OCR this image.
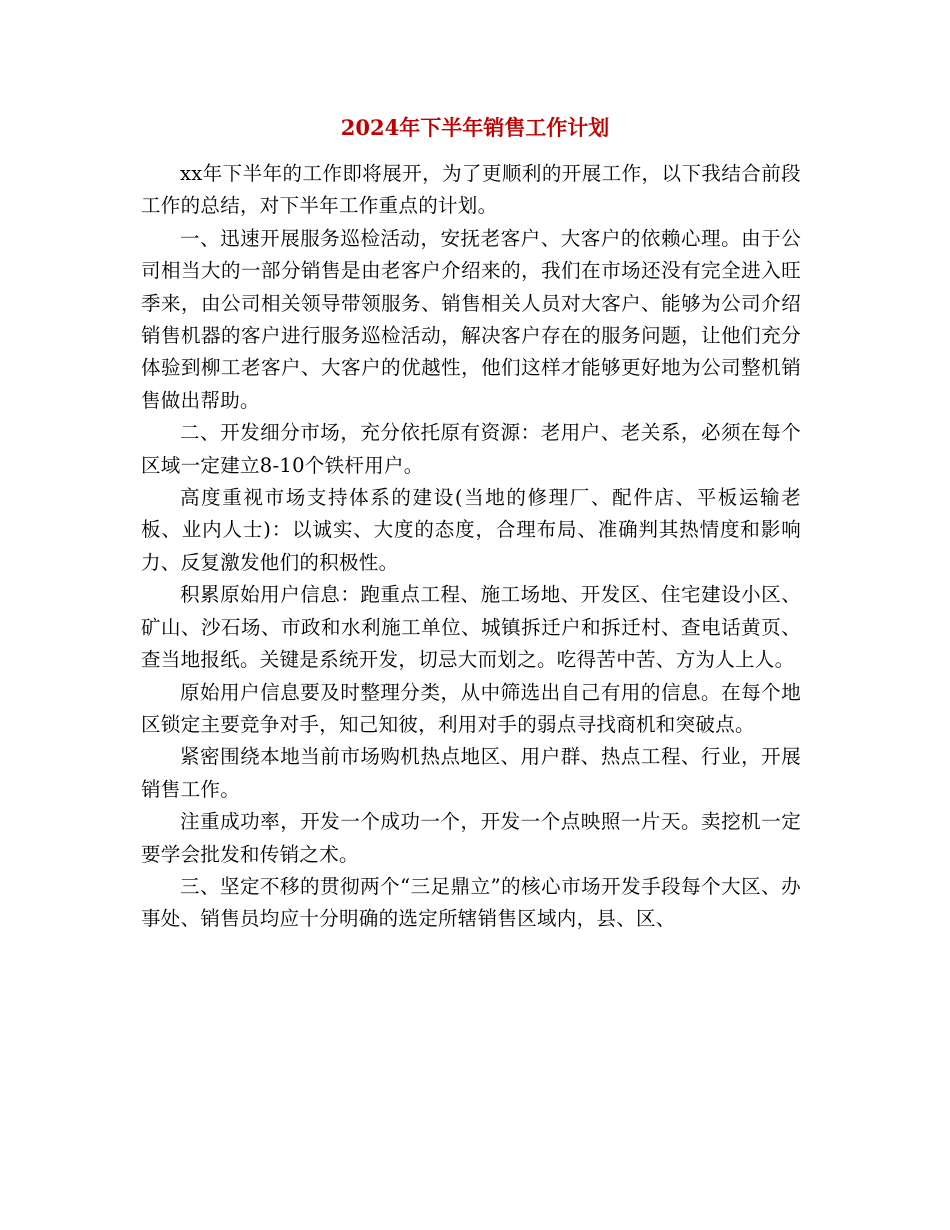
2024年下半年销售工作计划

xx年下半年的工作即将展开，为了更顺利的开展工作，以下我结合前段工作的总结，对下半年工作重点的计划。

一、迅速开展服务巡检活动，安抚老客户、大客户的依赖心理。由于公司相当大的一部分销售是由老客户介绍来的，我们在市场还没有完全进入旺季来，由公司相关领导带领服务、销售相关人员对大客户、能够为公司介绍销售机器的客户进行服务巡检活动，解决客户存在的服务问题，让他们充分体验到柳工老客户、大客户的优越性，他们这样才能够更好地为公司整机销售做出帮助。

二、开发细分市场，充分依托原有资源：老用户、老关系，必须在每个区域一定建立8-10个铁杆用户。

高度重视市场支持体系的建设(当地的修理厂、配件店、平板运输老板、业内人士)：以诚实、大度的态度，合理布局、准确判其热情度和影响力、反复激发他们的积极性。

积累原始用户信息：跑重点工程、施工场地、开发区、住宅建设小区、矿山、沙石场、市政和水利施工单位、城镇拆迁户和拆迁村、查电话黄页、查当地报纸。关键是系统开发，切忌大而划之。吃得苦中苦、方为人上人。

原始用户信息要及时整理分类，从中筛选出自己有用的信息。在每个地区锁定主要竞争对手，知己知彼，利用对手的弱点寻找商机和突破点。

紧密围绕本地当前市场购机热点地区、用户群、热点工程、行业，开展销售工作。

注重成功率，开发一个成功一个，开发一个点映照一片天。卖挖机一定要学会批发和传销之术。

三、坚定不移的贯彻两个“三足鼎立”的核心市场开发手段每个大区、办事处、销售员均应十分明确的选定所辖销售区域内，县、区、
